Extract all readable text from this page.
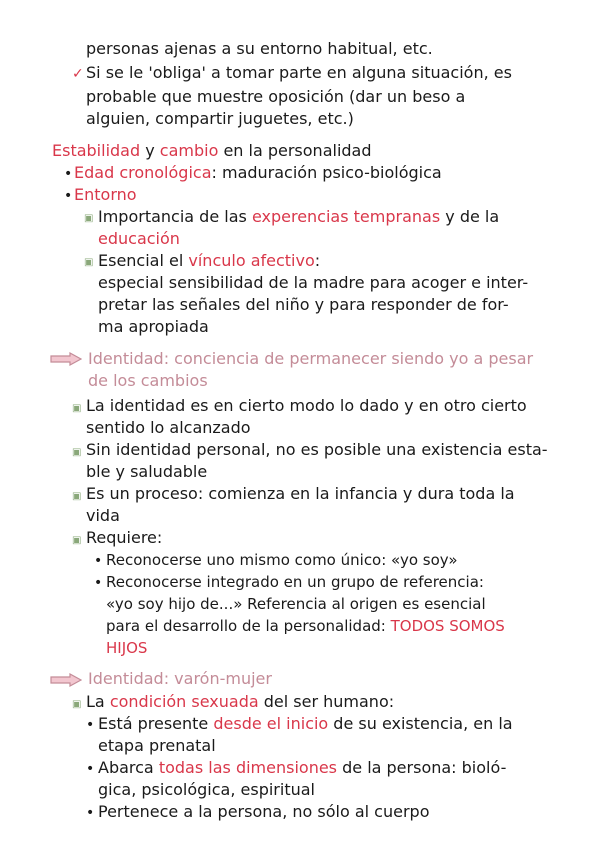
personas ajenas a su entorno habitual, etc.
✓ Si se le 'obliga' a tomar parte en alguna situación, es
probable que muestre oposición (dar un beso a
alguien, compartir juguetes, etc.)
Estabilidad y cambio en la personalidad
• Edad cronológica: maduración psico-biológica
• Entorno
▣ Importancia de las experencias tempranas y de la
educación
▣ Esencial el vínculo afectivo:
especial sensibilidad de la madre para acoger e inter-
pretar las señales del niño y para responder de for-
ma apropiada
Identidad: conciencia de permanecer siendo yo a pesar
de los cambios
▣ La identidad es en cierto modo lo dado y en otro cierto
sentido lo alcanzado
▣ Sin identidad personal, no es posible una existencia esta-
ble y saludable
▣ Es un proceso: comienza en la infancia y dura toda la
vida
▣ Requiere:
• Reconocerse uno mismo como único: «yo soy»
• Reconocerse integrado en un grupo de referencia:
«yo soy hijo de...» Referencia al origen es esencial
para el desarrollo de la personalidad: TODOS SOMOS
HIJOS
Identidad: varón-mujer
▣ La condición sexuada del ser humano:
• Está presente desde el inicio de su existencia, en la
etapa prenatal
• Abarca todas las dimensiones de la persona: bioló-
gica, psicológica, espiritual
• Pertenece a la persona, no sólo al cuerpo
